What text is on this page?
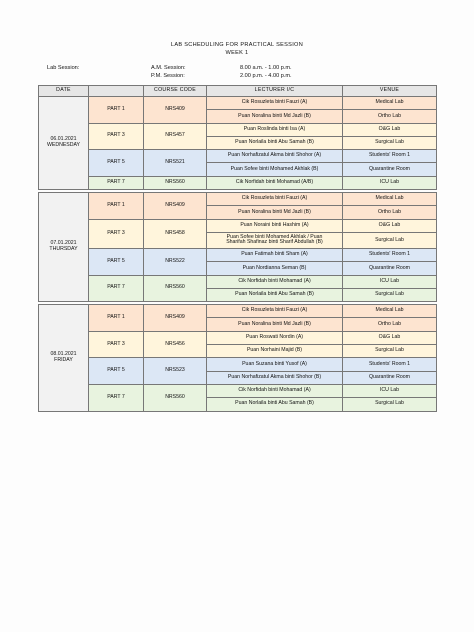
LAB SCHEDULING FOR PRACTICAL SESSION
WEEK 1
Lab Session:	A.M. Session:	8.00 a.m. - 1.00 p.m.
P.M. Session:	2.00 p.m. - 4.00 p.m.
DATE		COURSE CODE	LECTURER I/C	VENUE

06.01.2021
WEDNESDAY	PART 1	NRS409	Cik Rosuzleta binti Fauzi (A)	Medical Lab

			Puan Noralina binti Md Jazli (B)	Ortho Lab
	PART 3	NRS457	Puan Roslinda binti Isa (A)	O&G Lab

			Puan Norlaila binti Abu Samah (B)	Surgical Lab
	PART 5	NRS521	Puan Norhafizatul Akma binti Shohor (A)	Students' Room 1

			Puan Sofee binti Mohamed Akhlak (B)	Quarantine Room
	PART 7	NRS560	Cik Norfidah binti Mohamad (A/B)	ICU Lab

07.01.2021
THURSDAY	PART 1	NRS409	Cik Rosuzleta binti Fauzi (A)	Medical Lab

			Puan Noralina binti Md Jazli (B)	Ortho Lab
	PART 3	NRS458	Puan Noraini binti Hashim (A)	O&G Lab

			Puan Sofee binti Mohamed Akhlak / Puan
Sharifah Shafinaz binti Sharif Abdullah (B)	Surgical Lab
	PART 5	NRS522	Puan Fatimah binti Sham (A)	Students' Room 1

			Puan Nordianna Seman (B)	Quarantine Room
	PART 7	NRS560	Cik Norfidah binti Mohamad (A)	ICU Lab

			Puan Norlaila binti Abu Samah (B)	Surgical Lab

08.01.2021
FRIDAY	PART 1	NRS409	Cik Rosuzleta binti Fauzi (A)	Medical Lab

			Puan Noralina binti Md Jazli (B)	Ortho Lab
	PART 3	NRS456	Puan Roswati Nordin (A)	O&G Lab

			Puan Norhaini Majid (B)	Surgical Lab
	PART 5	NRS523	Puan Suzana binti Yusof (A)	Students' Room 1

			Puan Norhafizatul Akma binti Shohor (B)	Quarantine Room
	PART 7	NRS560	Cik Norfidah binti Mohamad (A)	ICU Lab

			Puan Norlaila binti Abu Samah (B)	Surgical Lab
